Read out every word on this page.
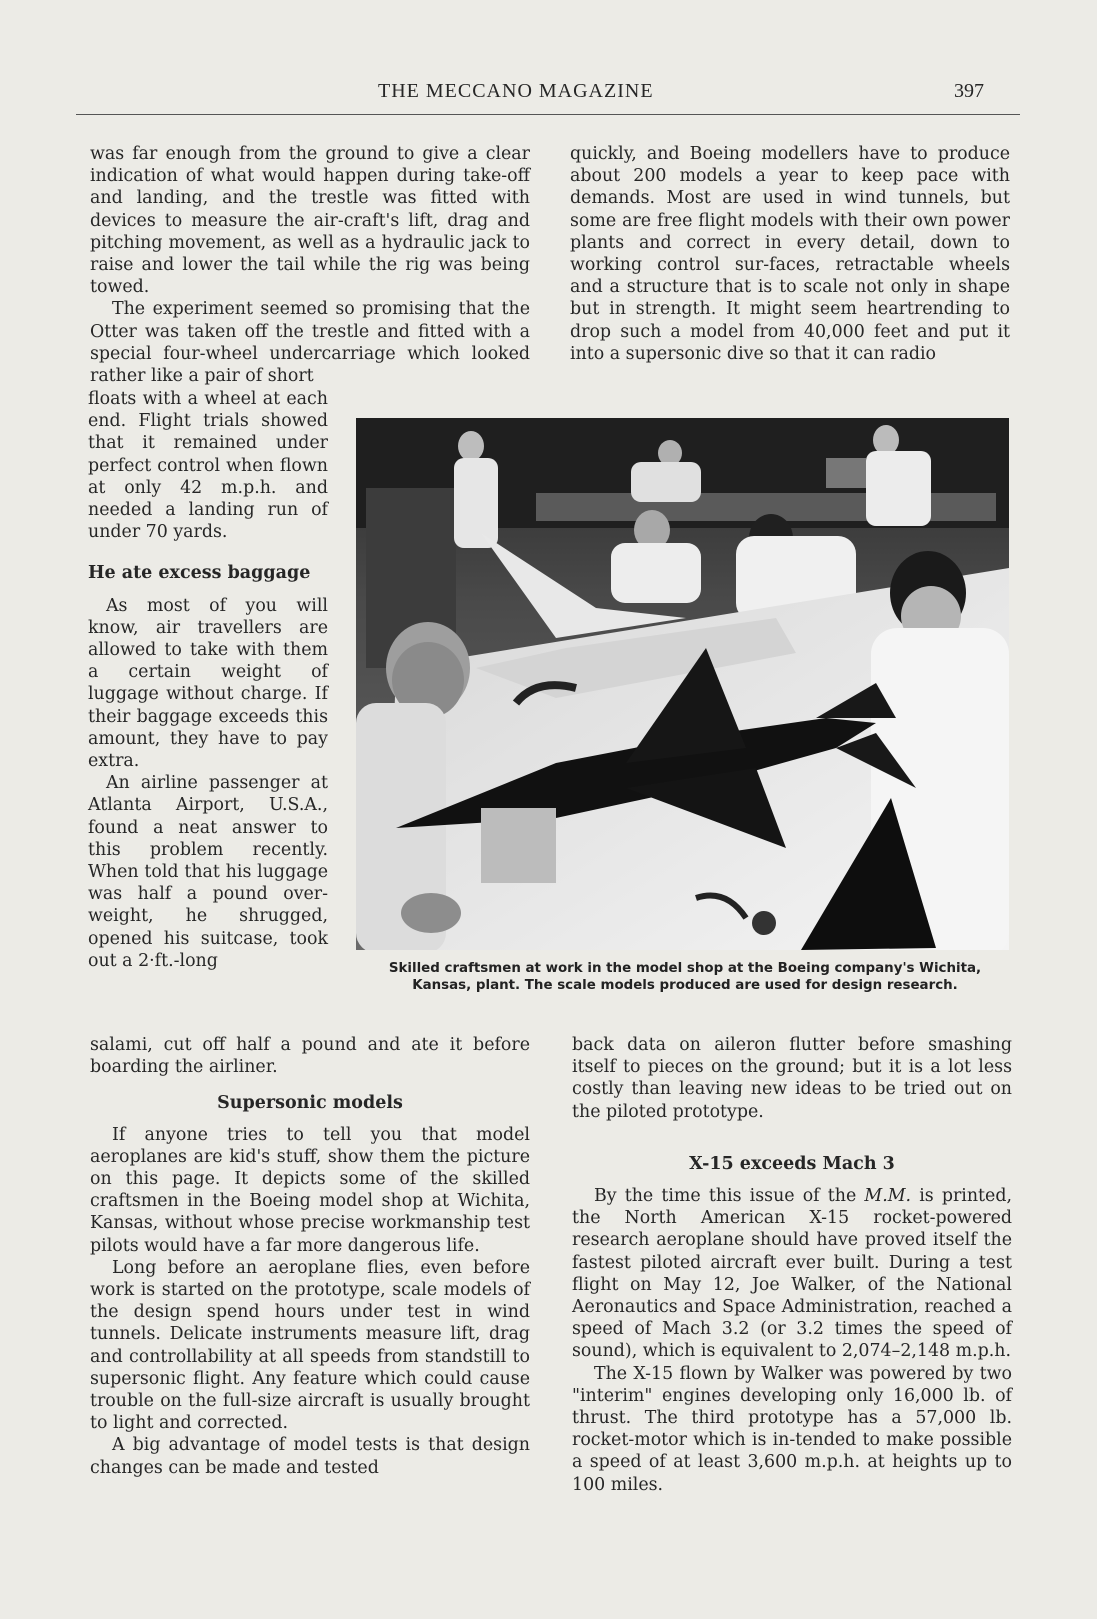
THE MECCANO MAGAZINE	397

was far enough from the ground to give a clear indication of what would happen during take-off and landing, and the trestle was fitted with devices to measure the air-craft's lift, drag and pitching movement, as well as a hydraulic jack to raise and lower the tail while the rig was being towed.

The experiment seemed so promising that the Otter was taken off the trestle and fitted with a special four-wheel undercarriage which looked rather like a pair of short

floats with a wheel at each end. Flight trials showed that it remained under perfect control when flown at only 42 m.p.h. and needed a landing run of under 70 yards.

He ate excess baggage

As most of you will know, air travellers are allowed to take with them a certain weight of luggage without charge. If their baggage exceeds this amount, they have to pay extra.

An airline passenger at Atlanta Airport, U.S.A., found a neat answer to this problem recently. When told that his luggage was half a pound over-weight, he shrugged, opened his suitcase, took out a 2·ft.-long

salami, cut off half a pound and ate it before boarding the airliner.

Supersonic models

If anyone tries to tell you that model aeroplanes are kid's stuff, show them the picture on this page. It depicts some of the skilled craftsmen in the Boeing model shop at Wichita, Kansas, without whose precise workmanship test pilots would have a far more dangerous life.

Long before an aeroplane flies, even before work is started on the prototype, scale models of the design spend hours under test in wind tunnels. Delicate instruments measure lift, drag and controllability at all speeds from standstill to supersonic flight. Any feature which could cause trouble on the full-size aircraft is usually brought to light and corrected.

A big advantage of model tests is that design changes can be made and tested

quickly, and Boeing modellers have to produce about 200 models a year to keep pace with demands. Most are used in wind tunnels, but some are free flight models with their own power plants and correct in every detail, down to working control sur-faces, retractable wheels and a structure that is to scale not only in shape but in strength. It might seem heartrending to drop such a model from 40,000 feet and put it into a supersonic dive so that it can radio

Skilled craftsmen at work in the model shop at the Boeing company's Wichita,
Kansas, plant. The scale models produced are used for design research.

back data on aileron flutter before smashing itself to pieces on the ground; but it is a lot less costly than leaving new ideas to be tried out on the piloted prototype.

X-15 exceeds Mach 3

By the time this issue of the M.M. is printed, the North American X-15 rocket-powered research aeroplane should have proved itself the fastest piloted aircraft ever built. During a test flight on May 12, Joe Walker, of the National Aeronautics and Space Administration, reached a speed of Mach 3.2 (or 3.2 times the speed of sound), which is equivalent to 2,074–2,148 m.p.h.

The X-15 flown by Walker was powered by two "interim" engines developing only 16,000 lb. of thrust. The third prototype has a 57,000 lb. rocket-motor which is in-tended to make possible a speed of at least 3,600 m.p.h. at heights up to 100 miles.
